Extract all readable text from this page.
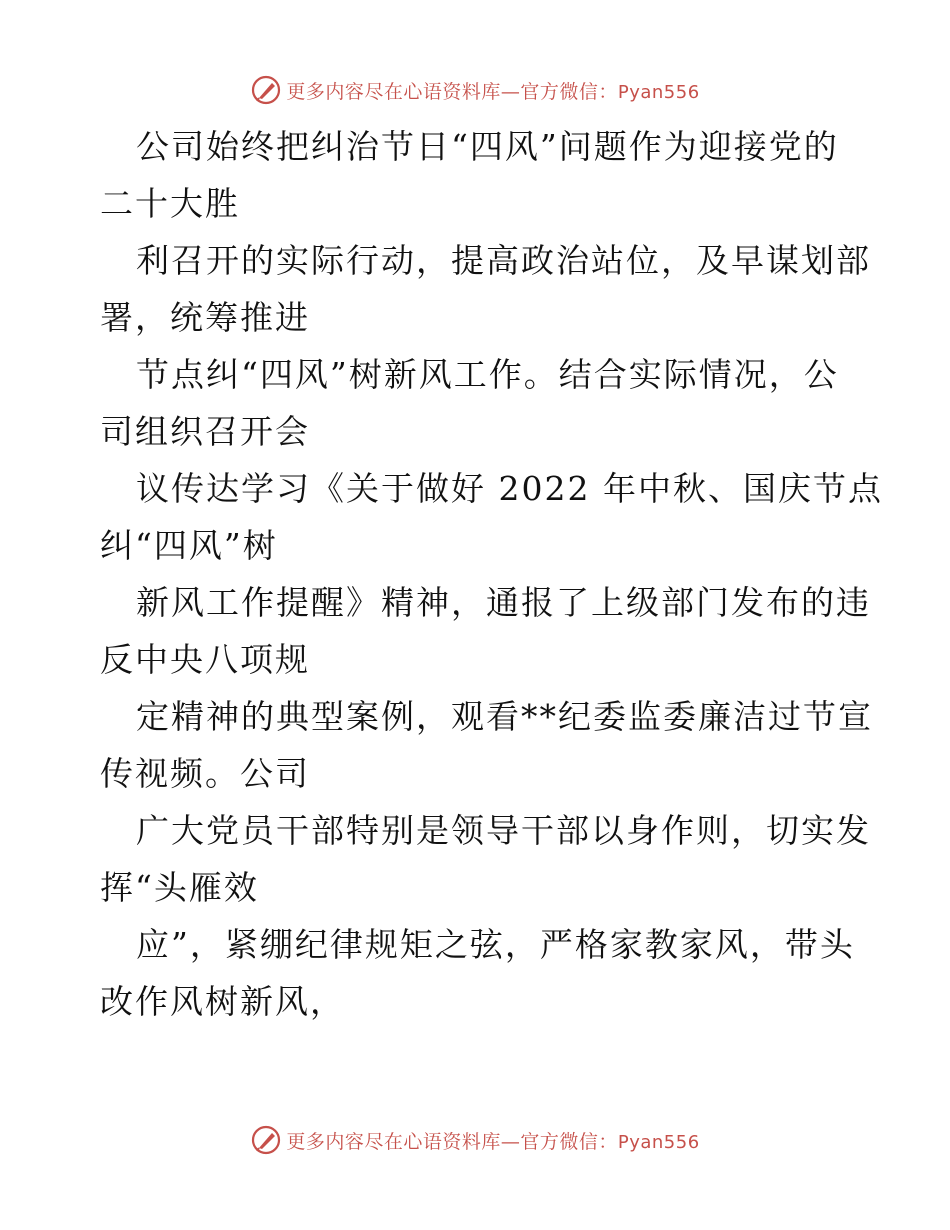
更多内容尽在心语资料库—官方微信：Pyan556
公司始终把纠治节日“四风”问题作为迎接党的
二十大胜
利召开的实际行动，提高政治站位，及早谋划部
署，统筹推进
节点纠“四风”树新风工作。结合实际情况，公
司组织召开会
议传达学习《关于做好 2022 年中秋、国庆节点
纠“四风”树
新风工作提醒》精神，通报了上级部门发布的违
反中央八项规
定精神的典型案例，观看**纪委监委廉洁过节宣
传视频。公司
广大党员干部特别是领导干部以身作则，切实发
挥“头雁效
应”，紧绷纪律规矩之弦，严格家教家风，带头
改作风树新风，
更多内容尽在心语资料库—官方微信：Pyan556
